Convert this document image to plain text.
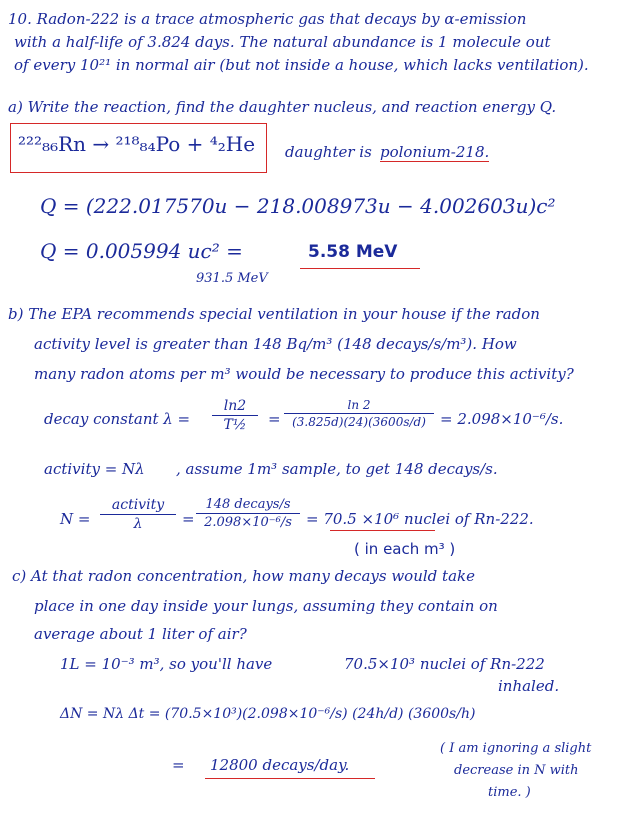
10. Radon-222 is a trace atmospheric gas that decays by α-emission
with a half-life of 3.824 days. The natural abundance is 1 molecule out
of every 10²¹ in normal air (but not inside a house, which lacks ventilation).
a) Write the reaction, find the daughter nucleus, and reaction energy Q.
²²²₈₆Rn → ²¹⁸₈₄Po + ⁴₂He daughter is polonium-218.
Q = (222.017570u − 218.008973u − 4.002603u)c²
Q = 0.005994 uc² =
931.5 MeV
5.58 MeV
b) The EPA recommends special ventilation in your house if the radon
activity level is greater than 148 Bq/m³ (148 decays/s/m³). How
many radon atoms per m³ would be necessary to produce this activity?
decay constant λ =
ln2
T½	=
ln 2
(3.825d)(24)(3600s/d) = 2.098×10⁻⁶/s.
activity = Nλ , assume 1m³ sample, to get 148 decays/s.
N =
activity
λ	=
148 decays/s
2.098×10⁻⁶/s = 70.5 ×10⁶ nuclei of Rn-222.
( in each m³ )
c) At that radon concentration, how many decays would take
place in one day inside your lungs, assuming they contain on
average about 1 liter of air?
1L = 10⁻³ m³, so you'll have	70.5×10³ nuclei of Rn-222
inhaled.
ΔN = Nλ Δt = (70.5×10³)(2.098×10⁻⁶/s) (24h/d) (3600s/h)
= 12800 decays/day.
( I am ignoring a slight
decrease in N with
time. )
